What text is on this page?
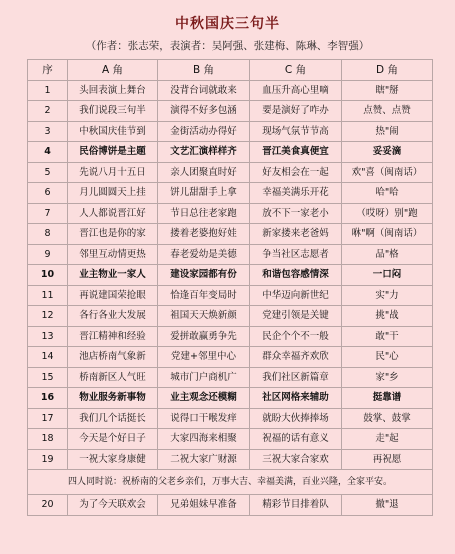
中秋国庆三句半
（作者：张志荣，表演者：吴阿强、张建梅、陈琳、李智强）
序	A 角	B 角	C 角	D 角
1	头回表演上舞台	没背台词就敢来	血压升高心里嘀	瞎"掰
2	我们说段三句半	演得不好多包涵	要是演好了咋办	点赞、点赞
3	中秋国庆佳节到	金街活动办得好	现场气氛节节高	热"闹
4	民俗博饼是主题	文艺汇演样样齐	晋江美食真便宜	妥妥滴
5	先说八月十五日	亲人团聚直时好	好友相会在一起	欢"喜（闽南话）
6	月儿圆圆天上挂	饼儿甜甜手上拿	幸福美满乐开花	哈"哈
7	人人都说晋江好	节日总往老家跑	放不下一家老小	（哎呀）别"跑
8	晋江也是你的家	搂着老婆抱好娃	新家搂来老爸妈	咻"啊（闽南话）
9	邻里互动情更热	春老爱幼是美德	争当社区志愿者	品"格
10	业主物业一家人	建设家园都有份	和谐包容感情深	一口闷
11	再说建国荣抢眼	恰逢百年变局时	中华迈向新世纪	实"力
12	各行各业大发展	祖国天天焕新颜	党建引领是关键	挑"战
13	晋江精神和经验	爱拼敢赢勇争先	民企个个不一般	敢"干
14	池店桥南气象新	党建+邻里中心	群众幸福齐欢欣	民"心
15	桥南新区人气旺	城市门户商机广	我们社区新篇章	家"乡
16	物业服务新事物	业主观念还模糊	社区网格来辅助	挺靠谱
17	我们几个话挺长	说得口干喉发痒	就盼大伙捧捧场	鼓掌、鼓掌
18	今天是个好日子	大家四海来相聚	祝福的话有意义	走"起
19	一祝大家身康健	二祝大家广财源	三祝大家合家欢	再祝愿
四人同时说：祝桥南的父老乡亲们，万事大吉、幸福美满，百业兴隆，全家平安。				
20	为了今天联欢会	兄弟姐妹早准备	精彩节目排着队	撤"退
